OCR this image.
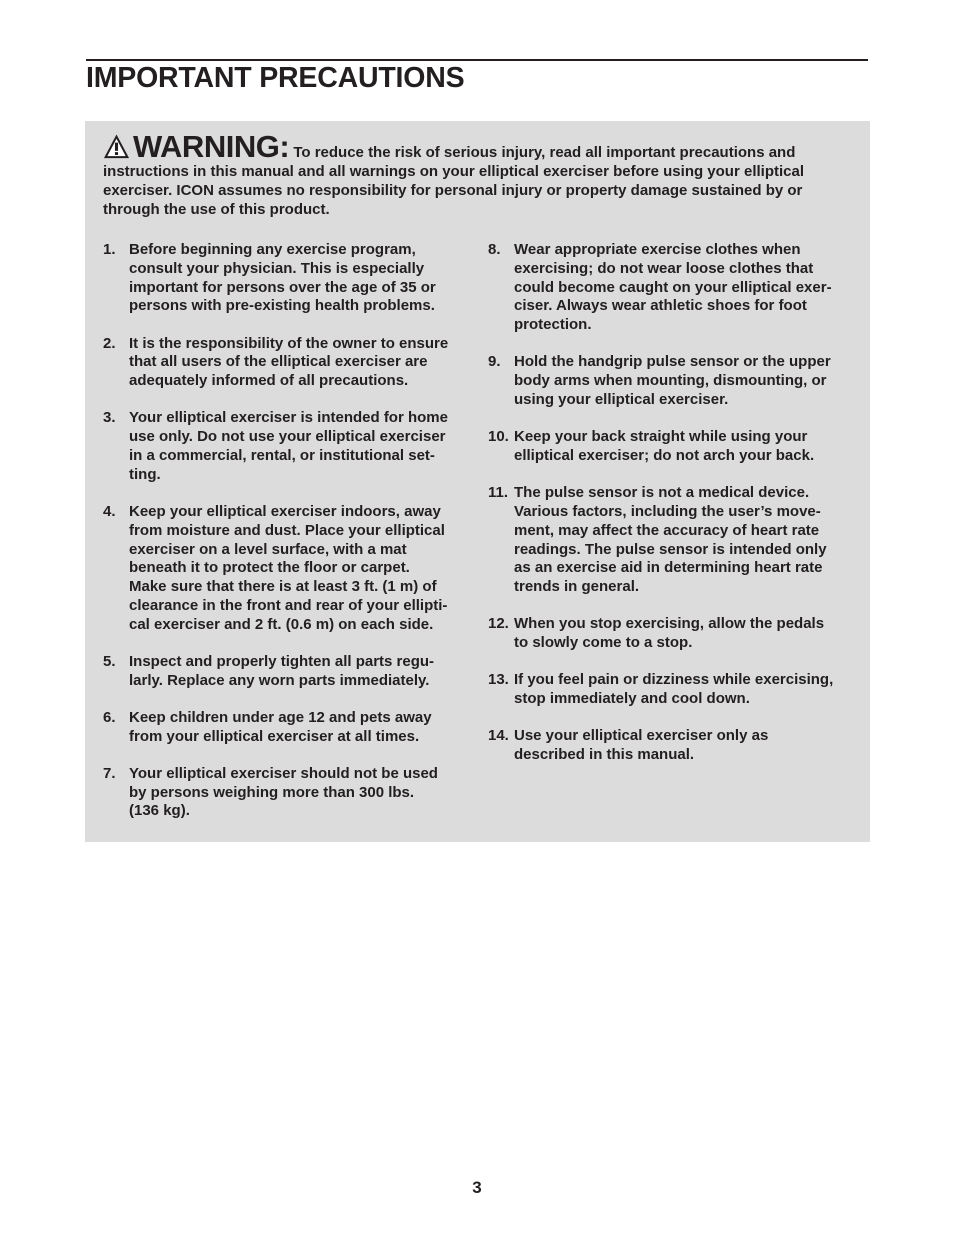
IMPORTANT PRECAUTIONS
WARNING: To reduce the risk of serious injury, read all important precautions and instructions in this manual and all warnings on your elliptical exerciser before using your elliptical exerciser. ICON assumes no responsibility for personal injury or property damage sustained by or through the use of this product.
1. Before beginning any exercise program,
consult your physician. This is especially
important for persons over the age of 35 or
persons with pre-existing health problems.
2. It is the responsibility of the owner to ensure
that all users of the elliptical exerciser are
adequately informed of all precautions.
3. Your elliptical exerciser is intended for home
use only. Do not use your elliptical exerciser
in a commercial, rental, or institutional set-
ting.
4. Keep your elliptical exerciser indoors, away
from moisture and dust. Place your elliptical
exerciser on a level surface, with a mat
beneath it to protect the floor or carpet.
Make sure that there is at least 3 ft. (1 m) of
clearance in the front and rear of your ellipti-
cal exerciser and 2 ft. (0.6 m) on each side.
5. Inspect and properly tighten all parts regu-
larly. Replace any worn parts immediately.
6. Keep children under age 12 and pets away
from your elliptical exerciser at all times.
7. Your elliptical exerciser should not be used
by persons weighing more than 300 lbs.
(136 kg).
8. Wear appropriate exercise clothes when
exercising; do not wear loose clothes that
could become caught on your elliptical exer-
ciser. Always wear athletic shoes for foot
protection.
9. Hold the handgrip pulse sensor or the upper
body arms when mounting, dismounting, or
using your elliptical exerciser.
10. Keep your back straight while using your
elliptical exerciser; do not arch your back.
11. The pulse sensor is not a medical device.
Various factors, including the user’s move-
ment, may affect the accuracy of heart rate
readings. The pulse sensor is intended only
as an exercise aid in determining heart rate
trends in general.
12. When you stop exercising, allow the pedals
to slowly come to a stop.
13. If you feel pain or dizziness while exercising,
stop immediately and cool down.
14. Use your elliptical exerciser only as
described in this manual.
3
